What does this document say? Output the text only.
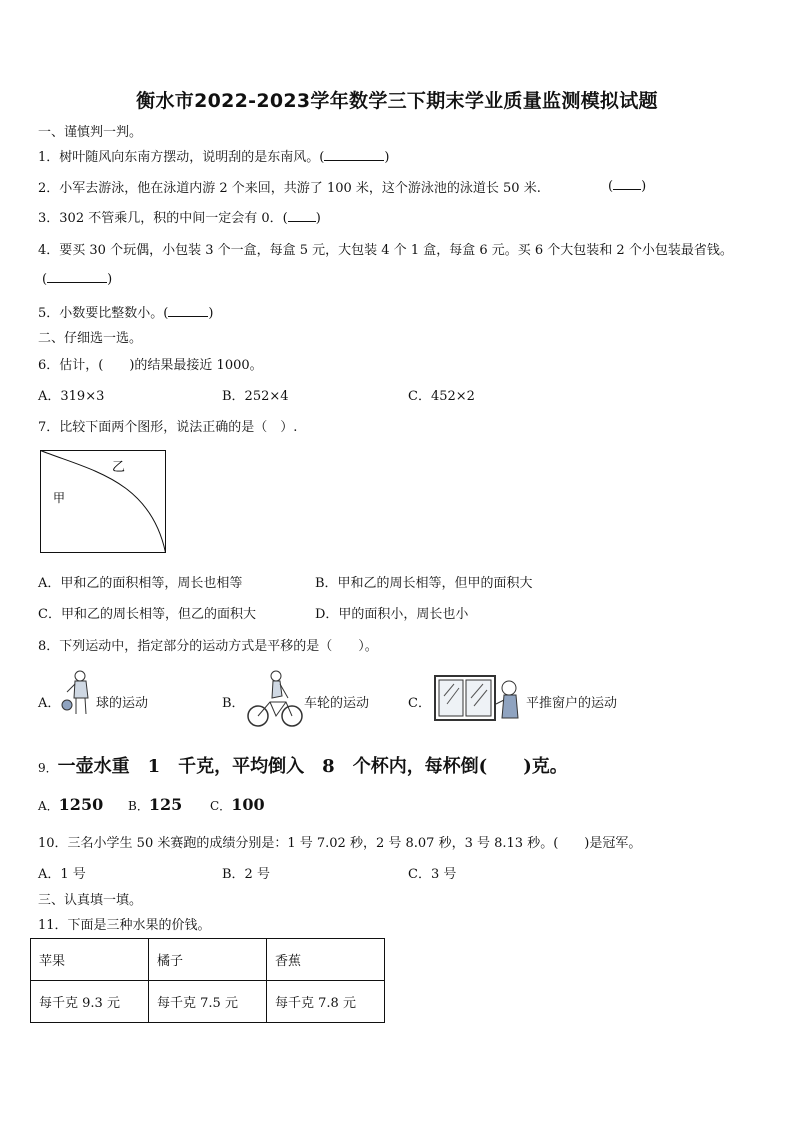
衡水市2022-2023学年数学三下期末学业质量监测模拟试题
一、谨慎判一判。
1．树叶随风向东南方摆动，说明刮的是东南风。(	)
2．小军去游泳，他在泳道内游 2 个来回，共游了 100 米，这个游泳池的泳道长 50 米.	( )
3．302 不管乘几，积的中间一定会有 0．( )
4．要买 30 个玩偶，小包装 3 个一盒，每盒 5 元，大包装 4 个 1 盒，每盒 6 元。买 6 个大包装和 2 个小包装最省钱。
(	)
5．小数要比整数小。(	)
二、仔细选一选。
6．估计，(　　)的结果最接近 1000。
A．319×3	B．252×4	C．452×2
7．比较下面两个图形，说法正确的是（　）.
乙
甲
A．甲和乙的面积相等，周长也相等	B．甲和乙的周长相等，但甲的面积大
C．甲和乙的周长相等，但乙的面积大	D．甲的面积小，周长也小
8．下列运动中，指定部分的运动方式是平移的是（　　）。
A．	球的运动	B．	车轮的运动	C．	平推窗户的运动
9．一壶水重　1　千克，平均倒入　8　个杯内，每杯倒(　　)克。
A．1250 B．125 C．100
10．三名小学生 50 米赛跑的成绩分别是：1 号 7.02 秒，2 号 8.07 秒，3 号 8.13 秒。(　　)是冠军。
A．1 号	B．2 号	C．3 号
三、认真填一填。
11．下面是三种水果的价钱。
苹果	橘子	香蕉
每千克 9.3 元	每千克 7.5 元	每千克 7.8 元
